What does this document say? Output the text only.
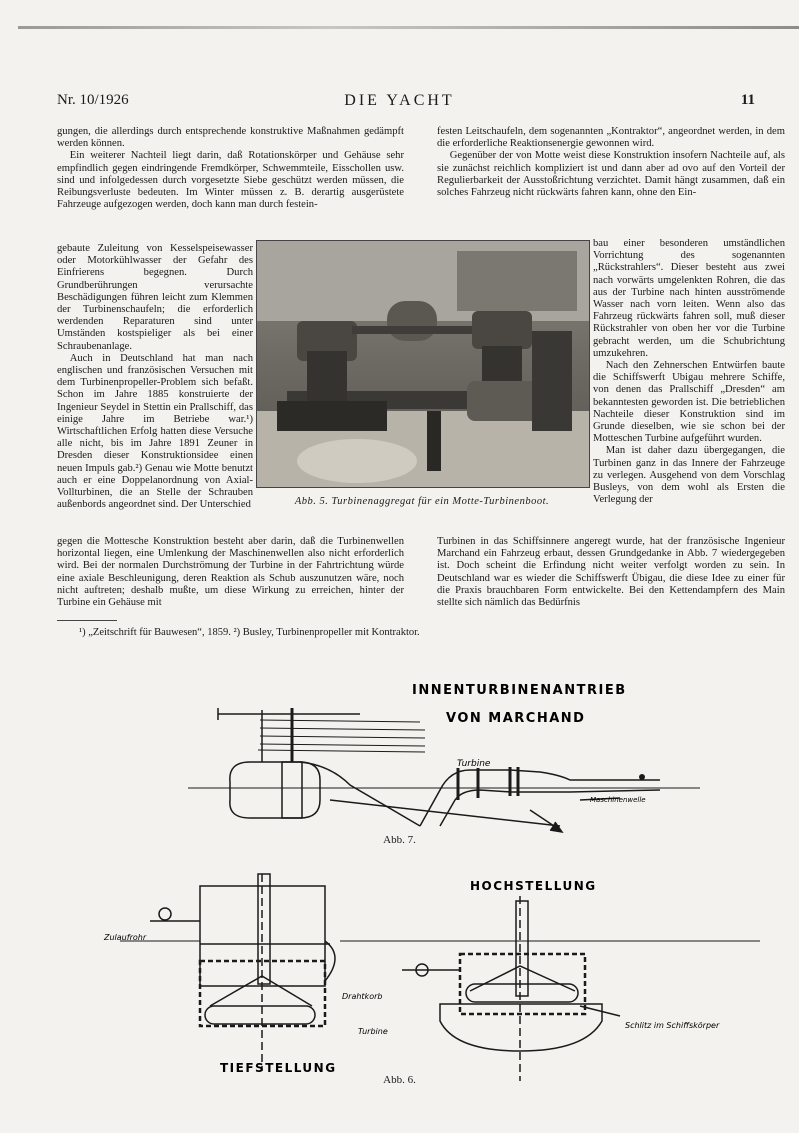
Nr. 10/1926	DIE YACHT	11

gungen, die allerdings durch entsprechende konstruktive Maßnahmen gedämpft werden können.

Ein weiterer Nachteil liegt darin, daß Rotationskörper und Gehäuse sehr empfindlich gegen eindringende Fremdkörper, Schwemmteile, Eisschollen usw. sind und infolgedessen durch vorgesetzte Siebe geschützt werden müssen, die Reibungsverluste bedeuten. Im Winter müssen z. B. derartig ausgerüstete Fahrzeuge aufgezogen werden, doch kann man durch festein-

gebaute Zuleitung von Kesselspeisewasser oder Motorkühlwasser der Gefahr des Einfrierens begegnen. Durch Grundberührungen verursachte Beschädigungen führen leicht zum Klemmen der Turbinenschaufeln; die erforderlich werdenden Reparaturen sind unter Umständen kostspieliger als bei einer Schraubenanlage.

Auch in Deutschland hat man nach englischen und französischen Versuchen mit dem Turbinenpropeller-Problem sich befaßt. Schon im Jahre 1885 konstruierte der Ingenieur Seydel in Stettin ein Prallschiff, das einige Jahre im Betriebe war.¹) Wirtschaftlichen Erfolg hatten diese Versuche alle nicht, bis im Jahre 1891 Zeuner in Dresden dieser Konstruktionsidee einen neuen Impuls gab.²) Genau wie Motte benutzt auch er eine Doppelanordnung von Axial-Vollturbinen, die an Stelle der Schrauben außenbords angeordnet sind. Der Unterschied

gegen die Mottesche Konstruktion besteht aber darin, daß die Turbinenwellen horizontal liegen, eine Umlenkung der Maschinenwellen also nicht erforderlich wird. Bei der normalen Durchströmung der Turbine in der Fahrtrichtung würde eine axiale Beschleunigung, deren Reaktion als Schub auszunutzen wäre, noch nicht auftreten; deshalb mußte, um diese Wirkung zu erreichen, hinter der Turbine ein Gehäuse mit

festen Leitschaufeln, dem sogenannten „Kontraktor“, angeordnet werden, in dem die erforderliche Reaktionsenergie gewonnen wird.

Gegenüber der von Motte weist diese Konstruktion insofern Nachteile auf, als sie zunächst reichlich kompliziert ist und dann aber ad ovo auf den Vorteil der Regulierbarkeit der Ausstoßrichtung verzichtet. Damit hängt zusammen, daß ein solches Fahrzeug nicht rückwärts fahren kann, ohne den Ein-

bau einer besonderen umständlichen Vorrichtung des sogenannten „Rückstrahlers“. Dieser besteht aus zwei nach vorwärts umgelenkten Rohren, die das aus der Turbine nach hinten ausströmende Wasser nach vorn leiten. Wenn also das Fahrzeug rückwärts fahren soll, muß dieser Rückstrahler von oben her vor die Turbine gebracht werden, um die Schubrichtung umzukehren.

Nach den Zehnerschen Entwürfen baute die Schiffswerft Ubigau mehrere Schiffe, von denen das Prallschiff „Dresden“ am bekanntesten geworden ist. Die betrieblichen Nachteile dieser Konstruktion sind im Grunde dieselben, wie sie schon bei der Motteschen Turbine aufgeführt wurden.

Man ist daher dazu übergegangen, die Turbinen ganz in das Innere der Fahrzeuge zu verlegen. Ausgehend von dem Vorschlag Busleys, von dem wohl als Ersten die Verlegung der

Turbinen in das Schiffsinnere angeregt wurde, hat der französische Ingenieur Marchand ein Fahrzeug erbaut, dessen Grundgedanke in Abb. 7 wiedergegeben ist. Doch scheint die Erfindung nicht weiter verfolgt worden zu sein. In Deutschland war es wieder die Schiffswerft Übigau, die diese Idee zu einer für die Praxis brauchbaren Form entwickelte. Bei den Kettendampfern des Main stellte sich nämlich das Bedürfnis

Abb. 5. Turbinenaggregat für ein Motte-Turbinenboot.
¹) „Zeitschrift für Bauwesen“, 1859. ²) Busley, Turbinenpropeller mit Kontraktor.
INNENTURBINENANTRIEB
VON MARCHAND
Turbine
Maschinenwelle
Abb. 7.
HOCHSTELLUNG
TIEFSTELLUNG
Zulaufrohr
Drahtkorb
Turbine
Schlitz im Schiffskörper
Abb. 6.
